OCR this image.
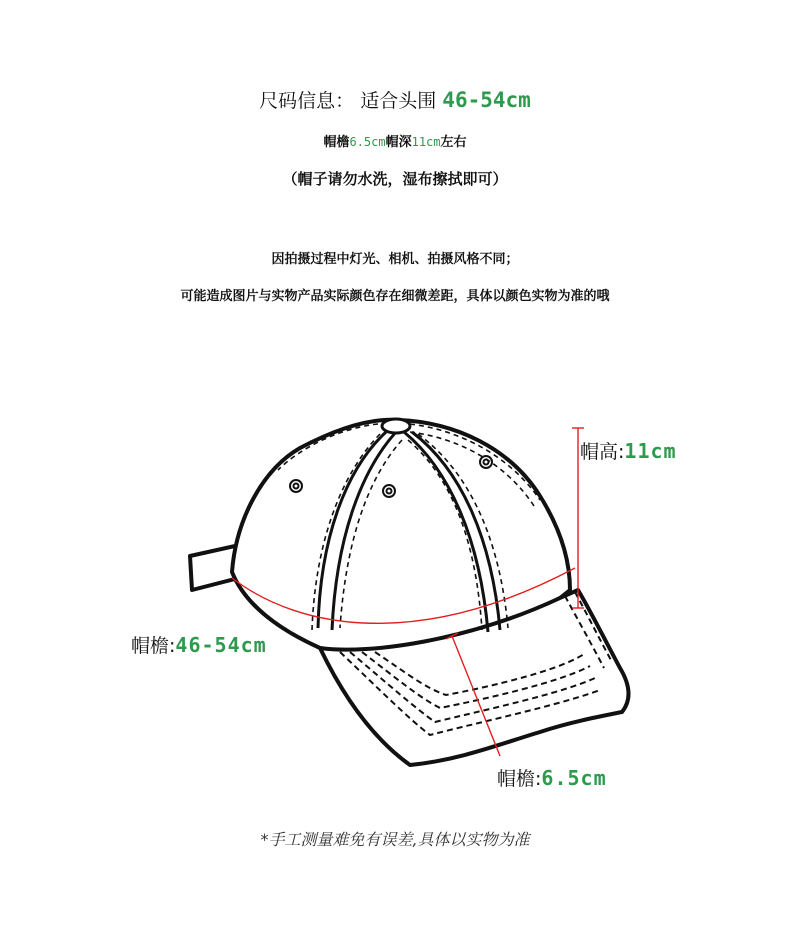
尺码信息： 适合头围 46-54cm
帽檐6.5cm帽深11cm左右
（帽子请勿水洗，湿布擦拭即可）
因拍摄过程中灯光、相机、拍摄风格不同；
可能造成图片与实物产品实际颜色存在细微差距，具体以颜色实物为准的哦
帽高:11cm
帽檐:46-54cm
帽檐:6.5cm
*手工测量难免有误差,具体以实物为准
